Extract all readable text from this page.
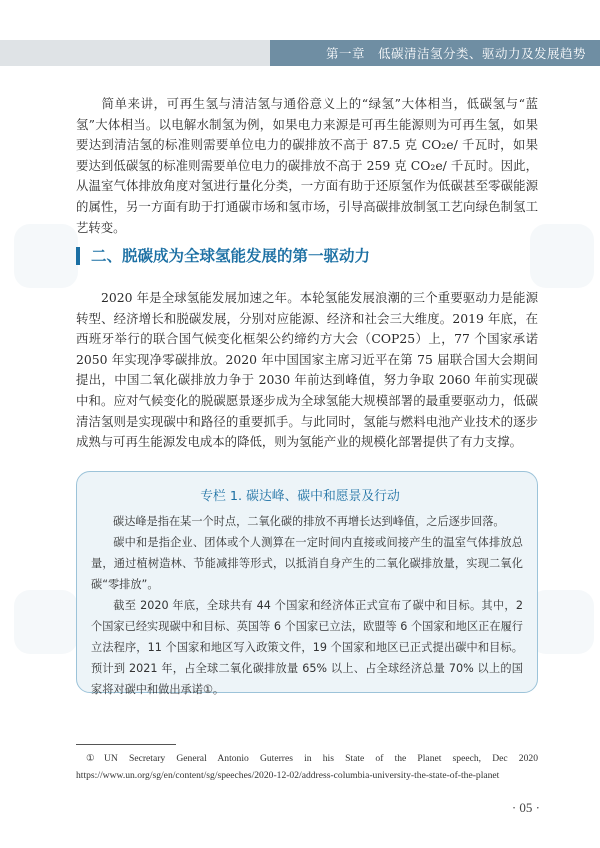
第一章　低碳清洁氢分类、驱动力及发展趋势
简单来讲，可再生氢与清洁氢与通俗意义上的“绿氢”大体相当，低碳氢与“蓝氢”大体相当。以电解水制氢为例，如果电力来源是可再生能源则为可再生氢，如果要达到清洁氢的标准则需要单位电力的碳排放不高于 87.5 克 CO₂e/ 千瓦时，如果要达到低碳氢的标准则需要单位电力的碳排放不高于 259 克 CO₂e/ 千瓦时。因此，从温室气体排放角度对氢进行量化分类，一方面有助于还原氢作为低碳甚至零碳能源的属性，另一方面有助于打通碳市场和氢市场，引导高碳排放制氢工艺向绿色制氢工艺转变。
二、脱碳成为全球氢能发展的第一驱动力
2020 年是全球氢能发展加速之年。本轮氢能发展浪潮的三个重要驱动力是能源转型、经济增长和脱碳发展，分别对应能源、经济和社会三大维度。2019 年底，在西班牙举行的联合国气候变化框架公约缔约方大会（COP25）上，77 个国家承诺 2050 年实现净零碳排放。2020 年中国国家主席习近平在第 75 届联合国大会期间提出，中国二氧化碳排放力争于 2030 年前达到峰值，努力争取 2060 年前实现碳中和。应对气候变化的脱碳愿景逐步成为全球氢能大规模部署的最重要驱动力，低碳清洁氢则是实现碳中和路径的重要抓手。与此同时，氢能与燃料电池产业技术的逐步成熟与可再生能源发电成本的降低，则为氢能产业的规模化部署提供了有力支撑。
专栏 1. 碳达峰、碳中和愿景及行动
碳达峰是指在某一个时点，二氧化碳的排放不再增长达到峰值，之后逐步回落。
碳中和是指企业、团体或个人测算在一定时间内直接或间接产生的温室气体排放总量，通过植树造林、节能减排等形式，以抵消自身产生的二氧化碳排放量，实现二氧化碳“零排放”。
截至 2020 年底，全球共有 44 个国家和经济体正式宣布了碳中和目标。其中，2 个国家已经实现碳中和目标、英国等 6 个国家已立法，欧盟等 6 个国家和地区正在履行立法程序，11 个国家和地区写入政策文件，19 个国家和地区已正式提出碳中和目标。预计到 2021 年，占全球二氧化碳排放量 65% 以上、占全球经济总量 70% 以上的国家将对碳中和做出承诺①。
① UN Secretary General Antonio Guterres in his State of the Planet speech, Dec 2020 https://www.un.org/sg/en/content/sg/speeches/2020-12-02/address-columbia-university-the-state-of-the-planet
· 05 ·
